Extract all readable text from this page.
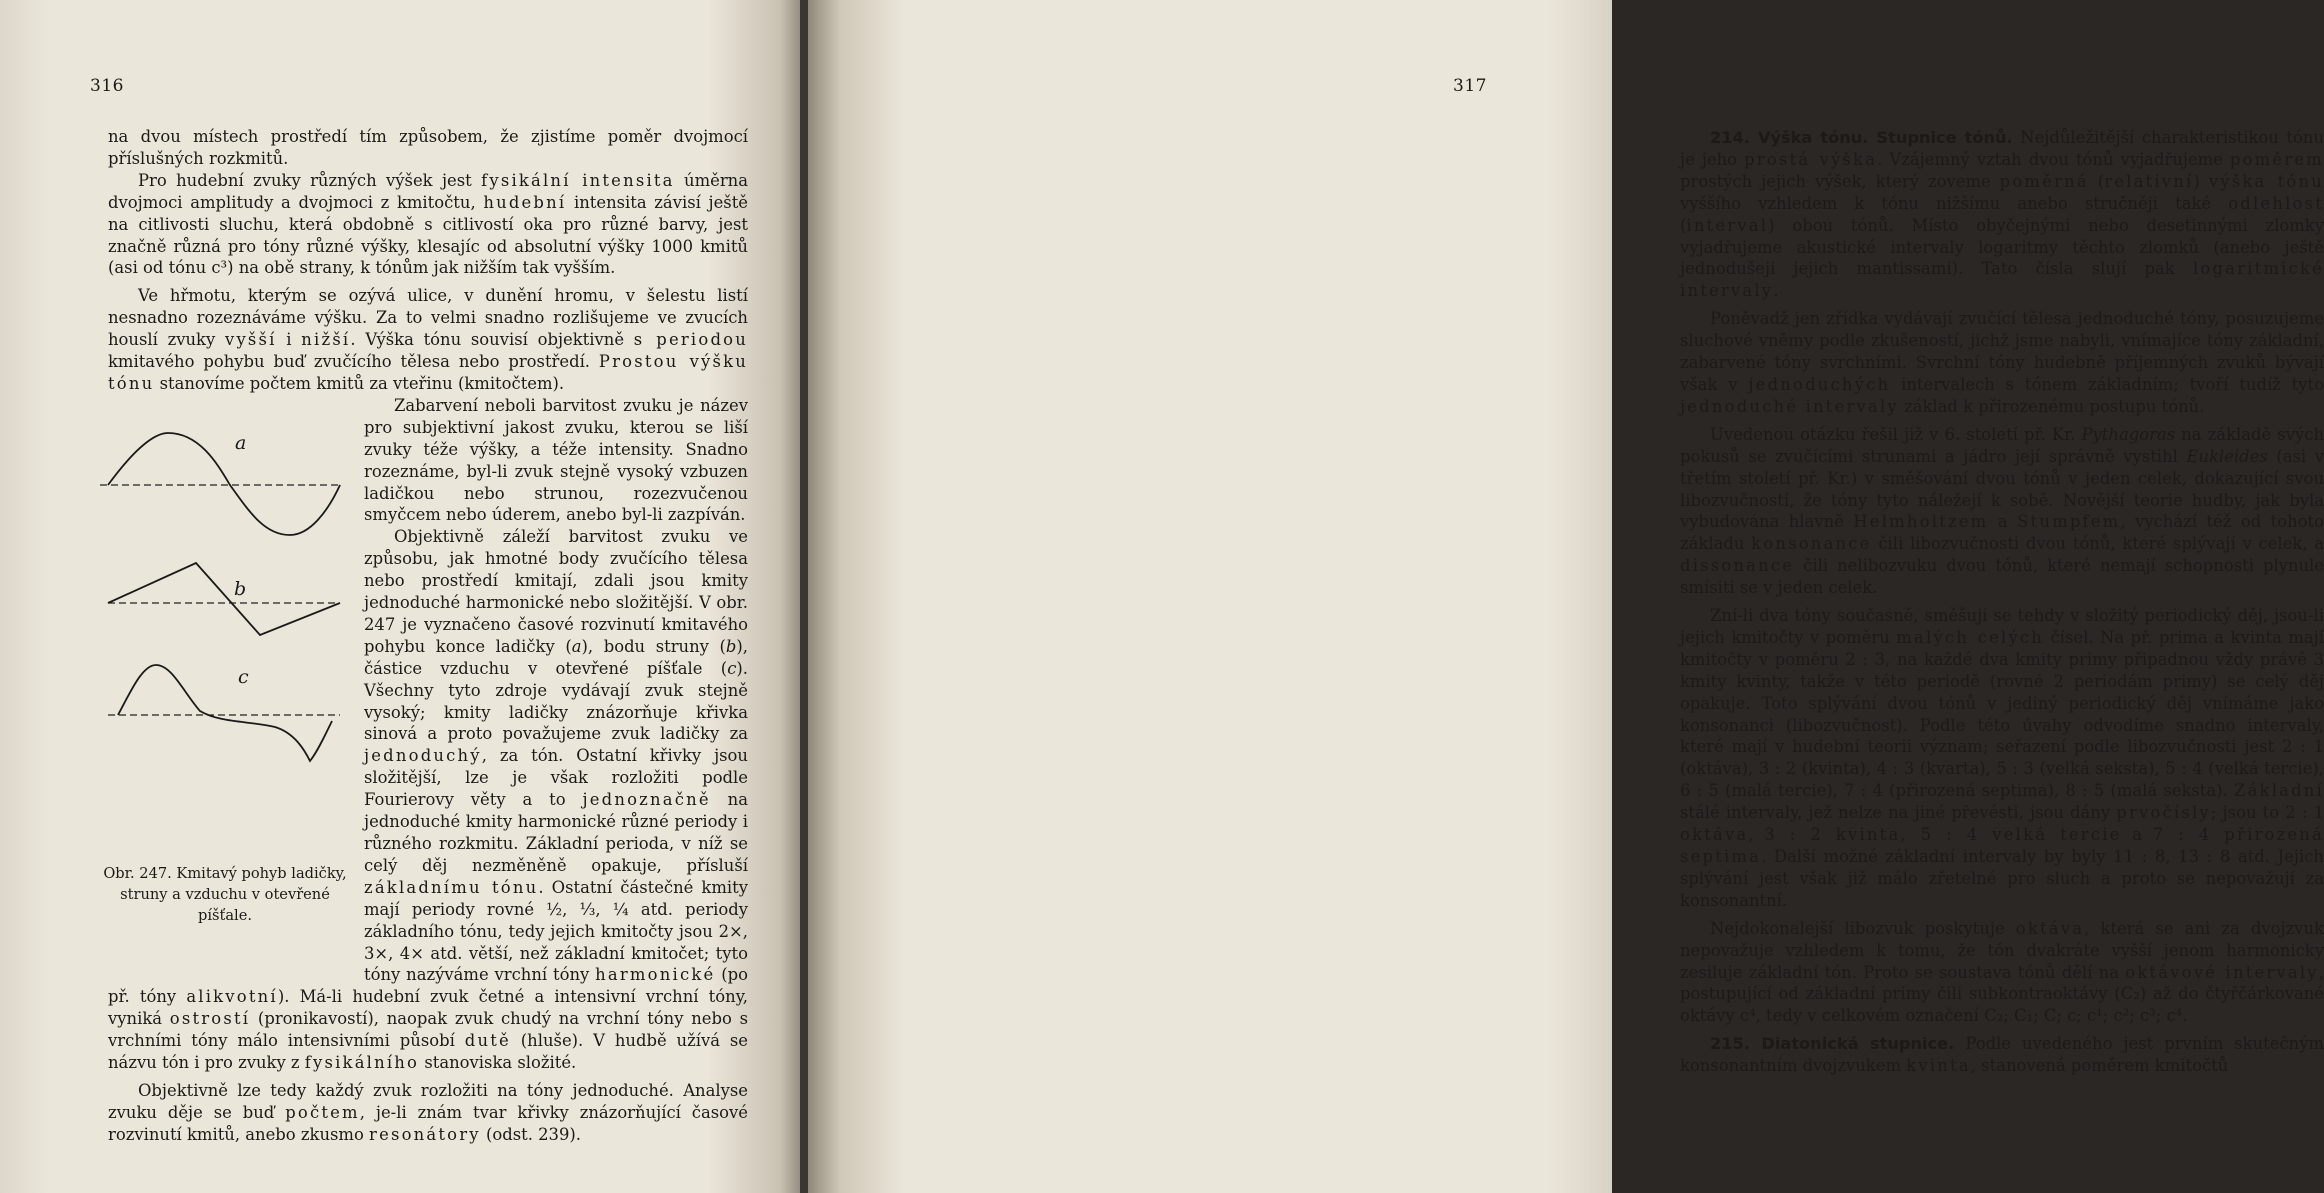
316

na dvou místech prostředí tím způsobem, že zjistíme poměr dvojmocí příslušných rozkmitů.

Pro hudební zvuky různých výšek jest fysikální intensita úměrna dvojmoci amplitudy a dvojmoci z kmitočtu, hudební intensita závisí ještě na citlivosti sluchu, která obdobně s citlivostí oka pro různé barvy, jest značně různá pro tóny různé výšky, klesajíc od absolutní výšky 1000 kmitů (asi od tónu c³) na obě strany, k tónům jak nižším tak vyšším.

Ve hřmotu, kterým se ozývá ulice, v dunění hromu, v šelestu listí nesnadno rozeznáváme výšku. Za to velmi snadno rozlišujeme ve zvucích houslí zvuky vyšší i nižší. Výška tónu souvisí objektivně s periodou kmitavého pohybu buď zvučícího tělesa nebo prostředí. Prostou výšku tónu stanovíme počtem kmitů za vteřinu (kmitočtem).

a
b
c
Obr. 247. Kmitavý pohyb ladičky, struny a vzduchu v otevřené píšťale.

Zabarvení neboli barvitost zvuku je název pro subjektivní jakost zvuku, kterou se liší zvuky téže výšky, a téže intensity. Snadno rozeznáme, byl-li zvuk stejně vysoký vzbuzen ladičkou nebo strunou, rozezvučenou smyčcem nebo úderem, anebo byl-li zazpíván.

Objektivně záleží barvitost zvuku ve způsobu, jak hmotné body zvučícího tělesa nebo prostředí kmitají, zdali jsou kmity jednoduché harmonické nebo složitější. V obr. 247 je vyznačeno časové rozvinutí kmitavého pohybu konce ladičky (a), bodu struny (b), částice vzduchu v otevřené píšťale (c). Všechny tyto zdroje vydávají zvuk stejně vysoký; kmity ladičky znázorňuje křivka sinová a proto považujeme zvuk ladičky za jednoduchý, za tón. Ostatní křivky jsou složitější, lze je však rozložiti podle Fourierovy věty a to jednoznačně na jednoduché kmity harmonické různé periody i různého rozkmitu. Základní perioda, v níž se celý děj nezměněně opakuje, přísluší základnímu tónu. Ostatní částečné kmity mají periody rovné ½, ⅓, ¼ atd. periody základního tónu, tedy jejich kmitočty jsou 2×, 3×, 4× atd. větší, než základní kmitočet; tyto tóny nazýváme vrchní tóny harmonické (po př. tóny alikvotní). Má-li hudební zvuk četné a intensivní vrchní tóny, vyniká ostrostí (pronikavostí), naopak zvuk chudý na vrchní tóny nebo s vrchními tóny málo intensivními působí dutě (hluše). V hudbě užívá se názvu tón i pro zvuky z fysikálního stanoviska složité.

Objektivně lze tedy každý zvuk rozložiti na tóny jednoduché. Analyse zvuku děje se buď počtem, je-li znám tvar křivky znázorňující časové rozvinutí kmitů, anebo zkusmo resonátory (odst. 239).

317

214. Výška tónu. Stupnice tónů. Nejdůležitější charakteristikou tónu je jeho prostá výška. Vzájemný vztah dvou tónů vyjadřujeme poměrem prostých jejich výšek, který zoveme poměrná (relativní) výška tónu vyššího vzhledem k tónu nižšímu anebo stručněji také odlehlost (interval) obou tónů. Místo obyčejnými nebo desetinnými zlomky vyjadřujeme akustické intervaly logaritmy těchto zlomků (anebo ještě jednodušeji jejich mantissami). Tato čísla slují pak logaritmické intervaly.

Poněvadž jen zřídka vydávají zvučící tělesa jednoduché tóny, posuzujeme sluchové vněmy podle zkušeností, jichž jsme nabyli, vnímajíce tóny základní, zabarvené tóny svrchními. Svrchní tóny hudebně příjemných zvuků bývají však v jednoduchých intervalech s tónem základním; tvoří tudíž tyto jednoduché intervaly základ k přirozenému postupu tónů.

Uvedenou otázku řešil již v 6. století př. Kr. Pythagoras na základě svých pokusů se zvučícími strunami a jádro její správně vystihl Eukleides (asi v třetím století př. Kr.) v směšování dvou tónů v jeden celek, dokazující svou libozvučností, že tóny tyto náležejí k sobě. Novější teorie hudby, jak byla vybudována hlavně Helmholtzem a Stumpfem, vychází též od tohoto základu konsonance čili libozvučnosti dvou tónů, které splývají v celek, a dissonance čili nelibozvuku dvou tónů, které nemají schopnosti plynule smísiti se v jeden celek.

Zní-li dva tóny současně, směšují se tehdy v složitý periodický děj, jsou-li jejich kmitočty v poměru malých celých čísel. Na př. prima a kvinta mají kmitočty v poměru 2 : 3, na každé dva kmity primy připadnou vždy právě 3 kmity kvinty, takže v této periodě (rovné 2 periodám primy) se celý děj opakuje. Toto splývání dvou tónů v jediný periodický děj vnímáme jako konsonanci (libozvučnost). Podle této úvahy odvodíme snadno intervaly, které mají v hudební teorii význam; seřazení podle libozvučnosti jest 2 : 1 (oktáva), 3 : 2 (kvinta), 4 : 3 (kvarta), 5 : 3 (velká seksta), 5 : 4 (velká tercie), 6 : 5 (malá tercie), 7 : 4 (přirozená septima), 8 : 5 (malá seksta). Základní stálé intervaly, jež nelze na jiné převésti, jsou dány prvočísly; jsou to 2 : 1 oktáva, 3 : 2 kvinta, 5 : 4 velká tercie a 7 : 4 přirozená septima. Další možné základní intervaly by byly 11 : 8, 13 : 8 atd. Jejich splývání jest však již málo zřetelné pro sluch a proto se nepovažují za konsonantní.

Nejdokonalejší libozvuk poskytuje oktáva, která se ani za dvojzvuk nepovažuje vzhledem k tomu, že tón dvakráte vyšší jenom harmonicky zesiluje základní tón. Proto se soustava tónů dělí na oktávové intervaly, postupující od základní primy čili subkontraoktávy (C₂) až do čtyřčárkované oktávy c⁴, tedy v celkovém označení C₂; C₁; C; c; c¹; c²; c³; c⁴.

215. Diatonická stupnice. Podle uvedeného jest prvním skutečným konsonantním dvojzvukem kvinta, stanovená poměrem kmitočtů
